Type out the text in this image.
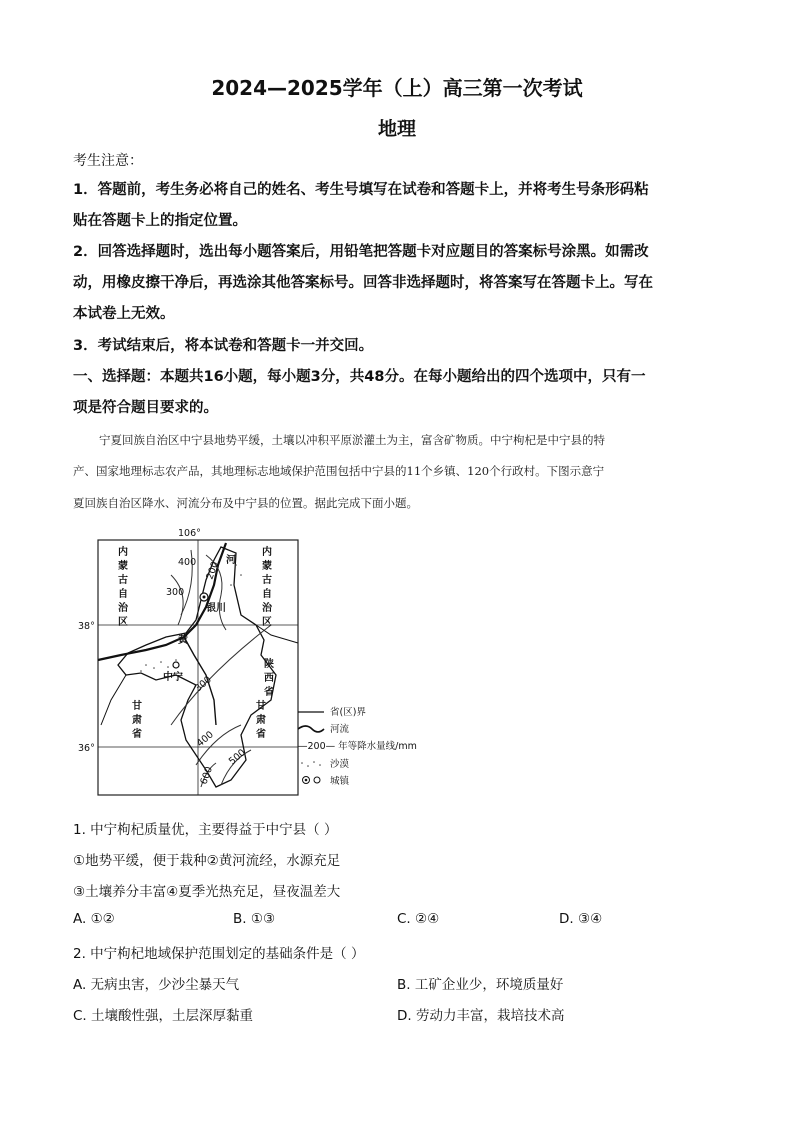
2024—2025学年（上）高三第一次考试
地理
考生注意：
1．答题前，考生务必将自己的姓名、考生号填写在试卷和答题卡上，并将考生号条形码粘
贴在答题卡上的指定位置。
2．回答选择题时，选出每小题答案后，用铅笔把答题卡对应题目的答案标号涂黑。如需改
动，用橡皮擦干净后，再选涂其他答案标号。回答非选择题时，将答案写在答题卡上。写在
本试卷上无效。
3．考试结束后，将本试卷和答题卡一并交回。
一、选择题：本题共16小题，每小题3分，共48分。在每小题给出的四个选项中，只有一
项是符合题目要求的。
宁夏回族自治区中宁县地势平缓，土壤以冲积平原淤灌土为主，富含矿物质。中宁枸杞是中宁县的特
产、国家地理标志农产品，其地理标志地域保护范围包括中宁县的11个乡镇、120个行政村。下图示意宁
夏回族自治区降水、河流分布及中宁县的位置。据此完成下面小题。
106°
38°
36°
银川
中宁
河
黄
400 200
300
300
400
500
600
内
蒙
古
自
治
区
内
蒙
古
自
治
区
陕
西
省
甘
肃
省
甘
肃
省
省(区)界
河流
—200— 年等降水量线/mm
沙漠
城镇
1. 中宁枸杞质量优，主要得益于中宁县（ ）
①地势平缓，便于栽种②黄河流经，水源充足
③土壤养分丰富④夏季光热充足，昼夜温差大
A. ①②	B. ①③	C. ②④	D. ③④
2. 中宁枸杞地域保护范围划定的基础条件是（ ）
A. 无病虫害，少沙尘暴天气	B. 工矿企业少，环境质量好
C. 土壤酸性强，土层深厚黏重	D. 劳动力丰富，栽培技术高
